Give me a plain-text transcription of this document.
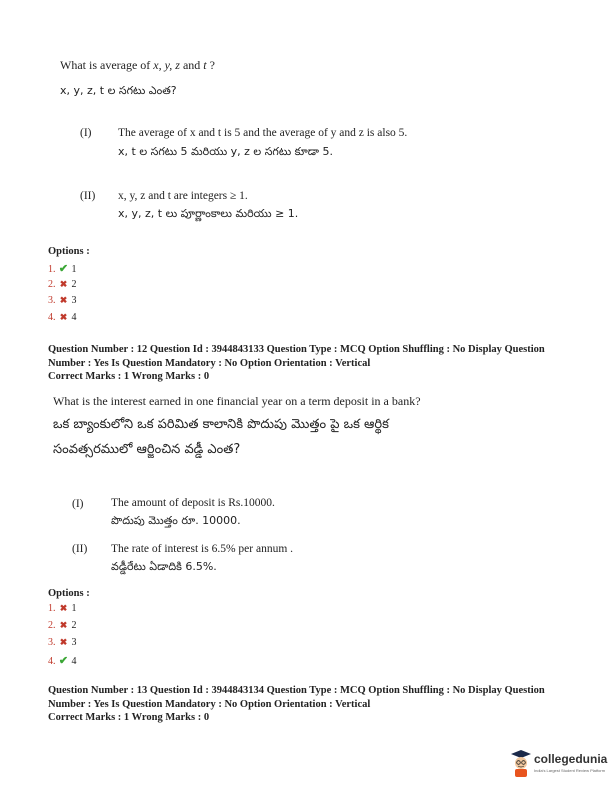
What is average of x, y, z and t ?
x, y, z, t ల సగటు ఎంత?
(I) The average of x and t is 5 and the average of y and z is also 5.
x, t ల సగటు 5 మరియు y, z ల సగటు కూడా 5.
(II) x, y, z and t are integers ≥ 1.
x, y, z, t లు పూర్ణాంకాలు మరియు ≥ 1.
Options :
1. ✔ 1
2. ✖ 2
3. ✖ 3
4. ✖ 4
Question Number : 12 Question Id : 3944843133 Question Type : MCQ Option Shuffling : No Display Question Number : Yes Is Question Mandatory : No Option Orientation : Vertical
Correct Marks : 1 Wrong Marks : 0
What is the interest earned in one financial year on a term deposit in a bank?
ఒక బ్యాంకులోని ఒక పరిమిత కాలానికి పొదుపు మొత్తం పై ఒక ఆర్థిక
సంవత్సరములో ఆర్జించిన వడ్డీ ఎంత?
(I) The amount of deposit is Rs.10000.
పొదుపు మొత్తం రూ. 10000.
(II) The rate of interest is 6.5% per annum .
వడ్డీరేటు ఏడాదికి 6.5%.
Options :
1. ✖ 1
2. ✖ 2
3. ✖ 3
4. ✔ 4
Question Number : 13 Question Id : 3944843134 Question Type : MCQ Option Shuffling : No Display Question Number : Yes Is Question Mandatory : No Option Orientation : Vertical
Correct Marks : 1 Wrong Marks : 0
collegedunia
India's Largest Student Review Platform
